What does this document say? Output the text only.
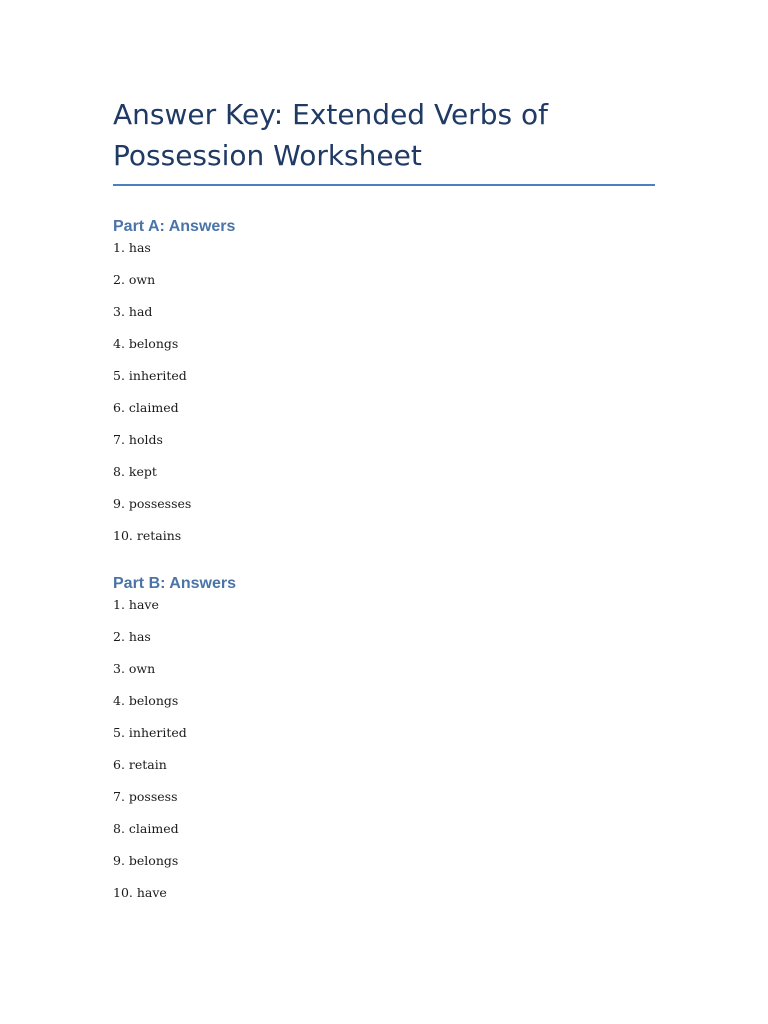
Answer Key: Extended Verbs of Possession Worksheet
Part A: Answers
1. has
2. own
3. had
4. belongs
5. inherited
6. claimed
7. holds
8. kept
9. possesses
10. retains
Part B: Answers
1. have
2. has
3. own
4. belongs
5. inherited
6. retain
7. possess
8. claimed
9. belongs
10. have
